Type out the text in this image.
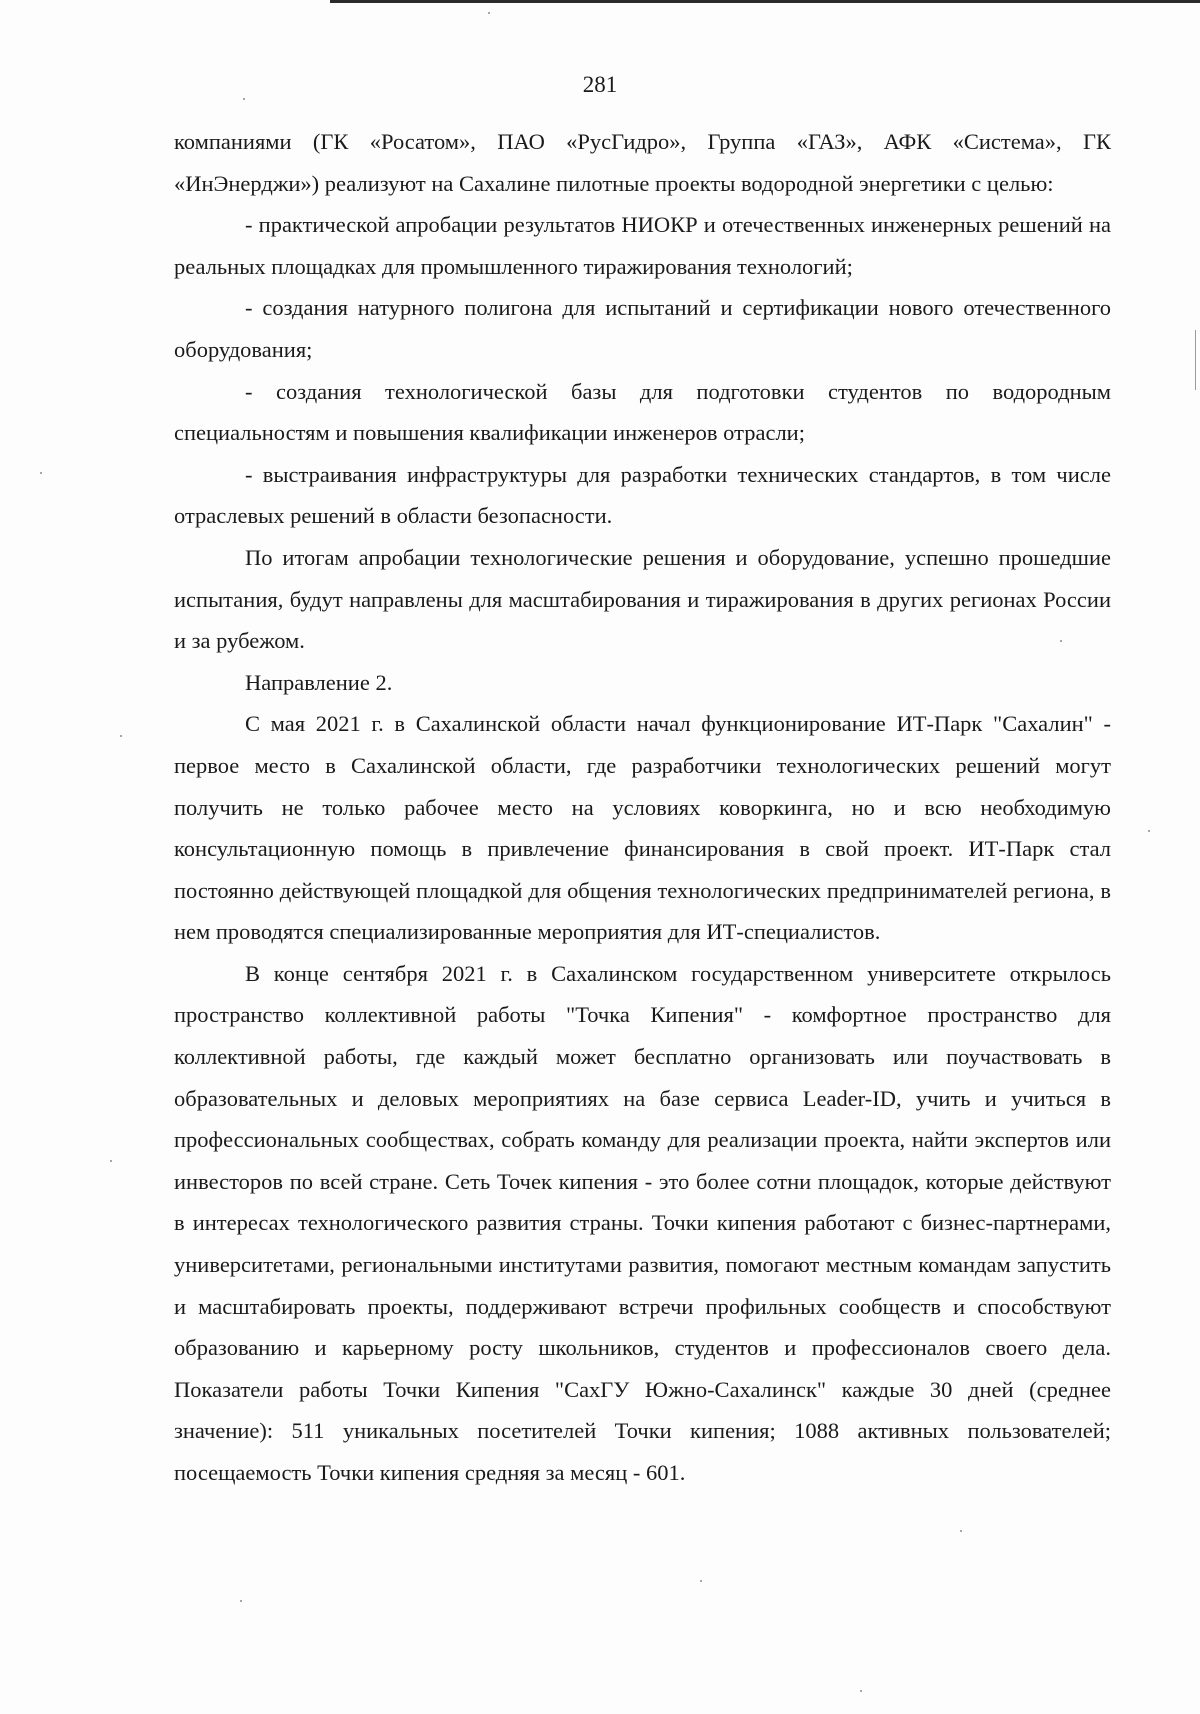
281

компаниями (ГК «Росатом», ПАО «РусГидро», Группа «ГАЗ», АФК «Система», ГК «ИнЭнерджи») реализуют на Сахалине пилотные проекты водородной энергетики с целью:

- практической апробации результатов НИОКР и отечественных инженерных решений на реальных площадках для промышленного тиражирования технологий;

- создания натурного полигона для испытаний и сертификации нового отечественного оборудования;

- создания технологической базы для подготовки студентов по водородным специальностям и повышения квалификации инженеров отрасли;

- выстраивания инфраструктуры для разработки технических стандартов, в том числе отраслевых решений в области безопасности.

По итогам апробации технологические решения и оборудование, успешно прошедшие испытания, будут направлены для масштабирования и тиражирования в других регионах России и за рубежом.

Направление 2.

С мая 2021 г. в Сахалинской области начал функционирование ИТ-Парк "Сахалин" - первое место в Сахалинской области, где разработчики технологических решений могут получить не только рабочее место на условиях коворкинга, но и всю необходимую консультационную помощь в привлечение финансирования в свой проект. ИТ-Парк стал постоянно действующей площадкой для общения технологических предпринимателей региона, в нем проводятся специализированные мероприятия для ИТ-специалистов.

В конце сентября 2021 г. в Сахалинском государственном университете открылось пространство коллективной работы "Точка Кипения" - комфортное пространство для коллективной работы, где каждый может бесплатно организовать или поучаствовать в образовательных и деловых мероприятиях на базе сервиса Leader-ID, учить и учиться в профессиональных сообществах, собрать команду для реализации проекта, найти экспертов или инвесторов по всей стране. Сеть Точек кипения - это более сотни площадок, которые действуют в интересах технологического развития страны. Точки кипения работают с бизнес-партнерами, университетами, региональными институтами развития, помогают местным командам запустить и масштабировать проекты, поддерживают встречи профильных сообществ и способствуют образованию и карьерному росту школьников, студентов и профессионалов своего дела. Показатели работы Точки Кипения "СахГУ Южно-Сахалинск" каждые 30 дней (среднее значение): 511 уникальных посетителей Точки кипения; 1088 активных пользователей; посещаемость Точки кипения средняя за месяц - 601.
